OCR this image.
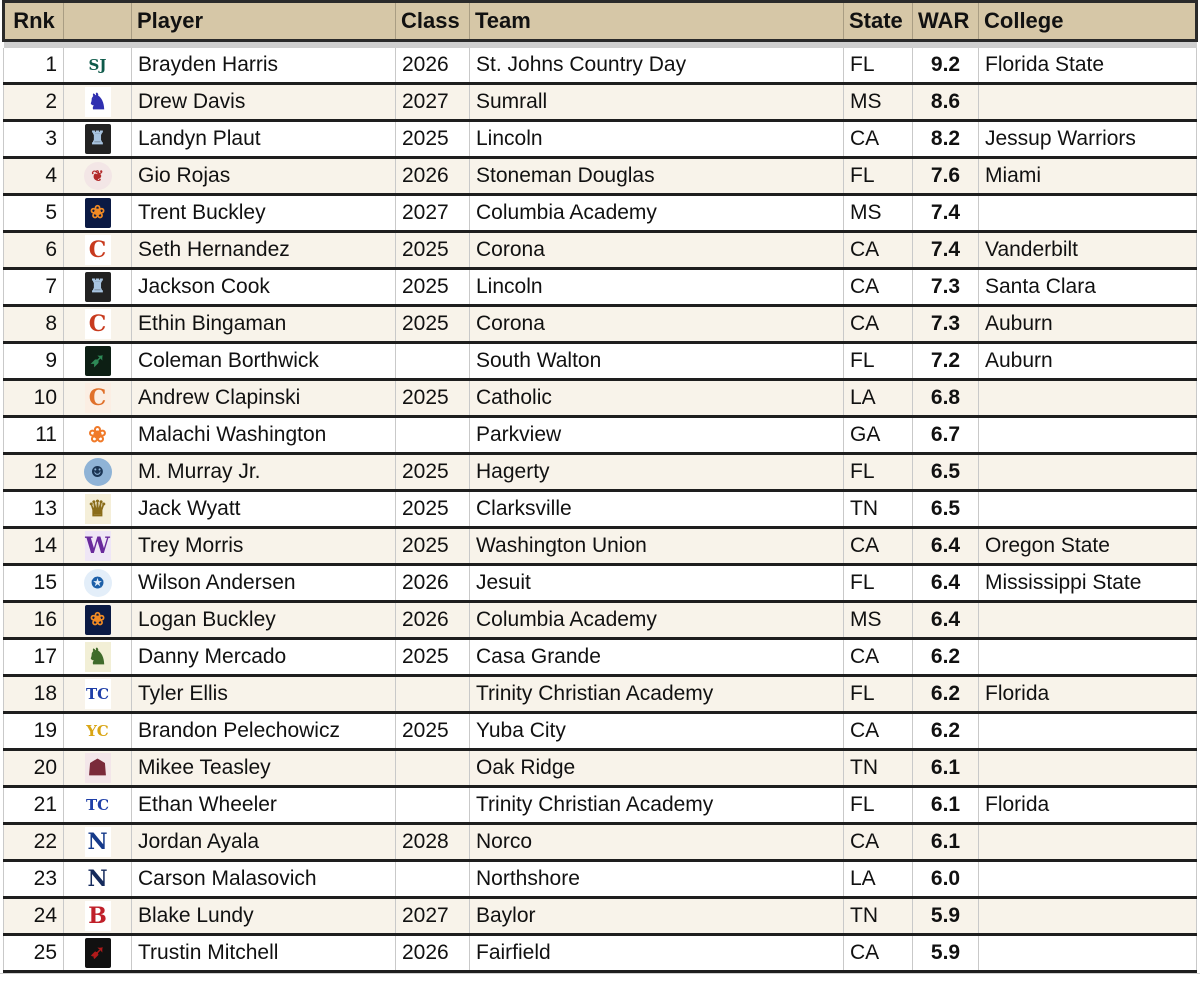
Rnk		Player	Class	Team	State	WAR	College

1	SJ	Brayden Harris	2026	St. Johns Country Day	FL	9.2	Florida State
2	♞	Drew Davis	2027	Sumrall	MS	8.6	
3	♜	Landyn Plaut	2025	Lincoln	CA	8.2	Jessup Warriors
4	❦	Gio Rojas	2026	Stoneman Douglas	FL	7.6	Miami
5	❀	Trent Buckley	2027	Columbia Academy	MS	7.4	
6	C	Seth Hernandez	2025	Corona	CA	7.4	Vanderbilt
7	♜	Jackson Cook	2025	Lincoln	CA	7.3	Santa Clara
8	C	Ethin Bingaman	2025	Corona	CA	7.3	Auburn
9	➶	Coleman Borthwick		South Walton	FL	7.2	Auburn
10	C	Andrew Clapinski	2025	Catholic	LA	6.8	
11	❀	Malachi Washington		Parkview	GA	6.7	
12	☻	M. Murray Jr.	2025	Hagerty	FL	6.5	
13	♛	Jack Wyatt	2025	Clarksville	TN	6.5	
14	W	Trey Morris	2025	Washington Union	CA	6.4	Oregon State
15	✪	Wilson Andersen	2026	Jesuit	FL	6.4	Mississippi State
16	❀	Logan Buckley	2026	Columbia Academy	MS	6.4	
17	♞	Danny Mercado	2025	Casa Grande	CA	6.2	
18	TC	Tyler Ellis		Trinity Christian Academy	FL	6.2	Florida
19	YC	Brandon Pelechowicz	2025	Yuba City	CA	6.2	
20	☗	Mikee Teasley		Oak Ridge	TN	6.1	
21	TC	Ethan Wheeler		Trinity Christian Academy	FL	6.1	Florida
22	N	Jordan Ayala	2028	Norco	CA	6.1	
23	N	Carson Malasovich		Northshore	LA	6.0	
24	B	Blake Lundy	2027	Baylor	TN	5.9	
25	➹	Trustin Mitchell	2026	Fairfield	CA	5.9	
